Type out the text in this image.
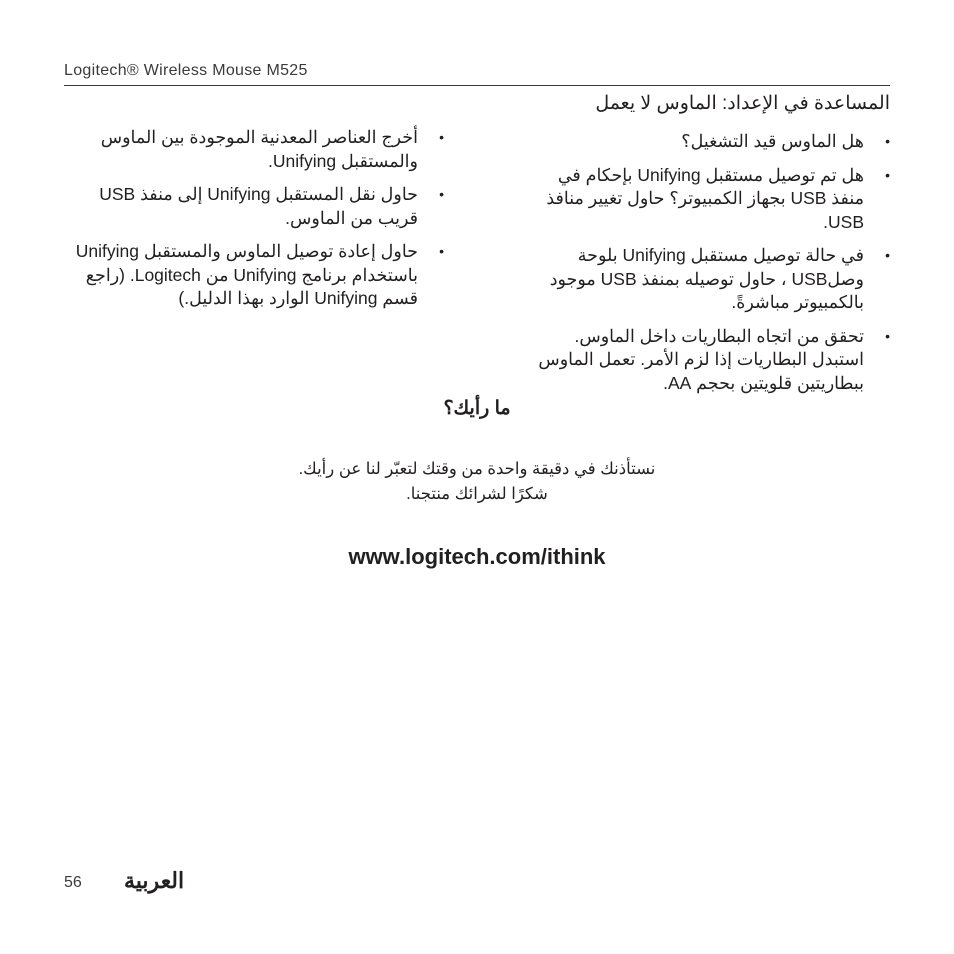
Logitech® Wireless Mouse M525
المساعدة في الإعداد: الماوس لا يعمل
•
هل الماوس قيد التشغيل؟
•
هل تم توصيل مستقبل Unifying بإحكام في منفذ USB بجهاز الكمبيوتر؟ حاول تغيير منافذ USB.
•
في حالة توصيل مستقبل Unifying بلوحة وصلUSB ، حاول توصيله بمنفذ USB موجود بالكمبيوتر مباشرةً.
•
تحقق من اتجاه البطاريات داخل الماوس. استبدل البطاريات إذا لزم الأمر. تعمل الماوس ببطاريتين قلويتين بحجم AA.
•
أخرج العناصر المعدنية الموجودة بين الماوس والمستقبل Unifying.
•
حاول نقل المستقبل Unifying إلى منفذ USB قريب من الماوس.
•
حاول إعادة توصيل الماوس والمستقبل Unifying باستخدام برنامج Unifying من Logitech. (راجع قسم Unifying الوارد بهذا الدليل.)
ما رأيك؟
نستأذنك في دقيقة واحدة من وقتك لتعبّر لنا عن رأيك.
شكرًا لشرائك منتجنا.
www.logitech.com/ithink
56 العربية
